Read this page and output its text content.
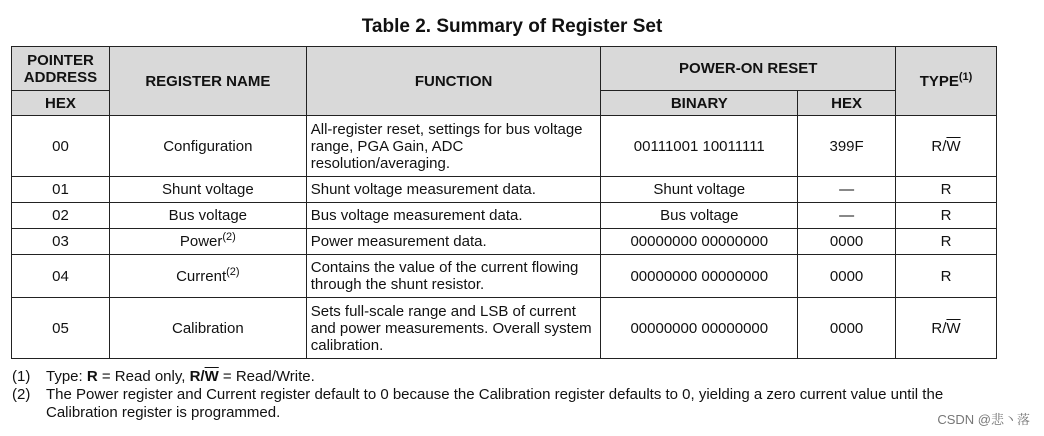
Table 2. Summary of Register Set
POINTER ADDRESS	REGISTER NAME	FUNCTION	POWER-ON RESET		TYPE$^{(1)}$
HEX			BINARY	HEX	
00	Configuration	All-register reset, settings for bus voltage range, PGA Gain, ADC resolution/averaging.	00111001 10011111	399F	$R/\overline{W}$
01	Shunt voltage	Shunt voltage measurement data.	Shunt voltage	—	R
02	Bus voltage	Bus voltage measurement data.	Bus voltage	—	R
03	Power$^{(2)}$	Power measurement data.	00000000 00000000	0000	R
04	Current$^{(2)}$	Contains the value of the current flowing through the shunt resistor.	00000000 00000000	0000	R
05	Calibration	Sets full-scale range and LSB of current and power measurements. Overall system calibration.	00000000 00000000	0000	$R/\overline{W}$
(1)	Type: R = Read only, $R/\overline{W}$ = Read/Write.
(2)	The Power register and Current register default to 0 because the Calibration register defaults to 0, yielding a zero current value until the Calibration register is programmed.	CSDN @悲丶落
